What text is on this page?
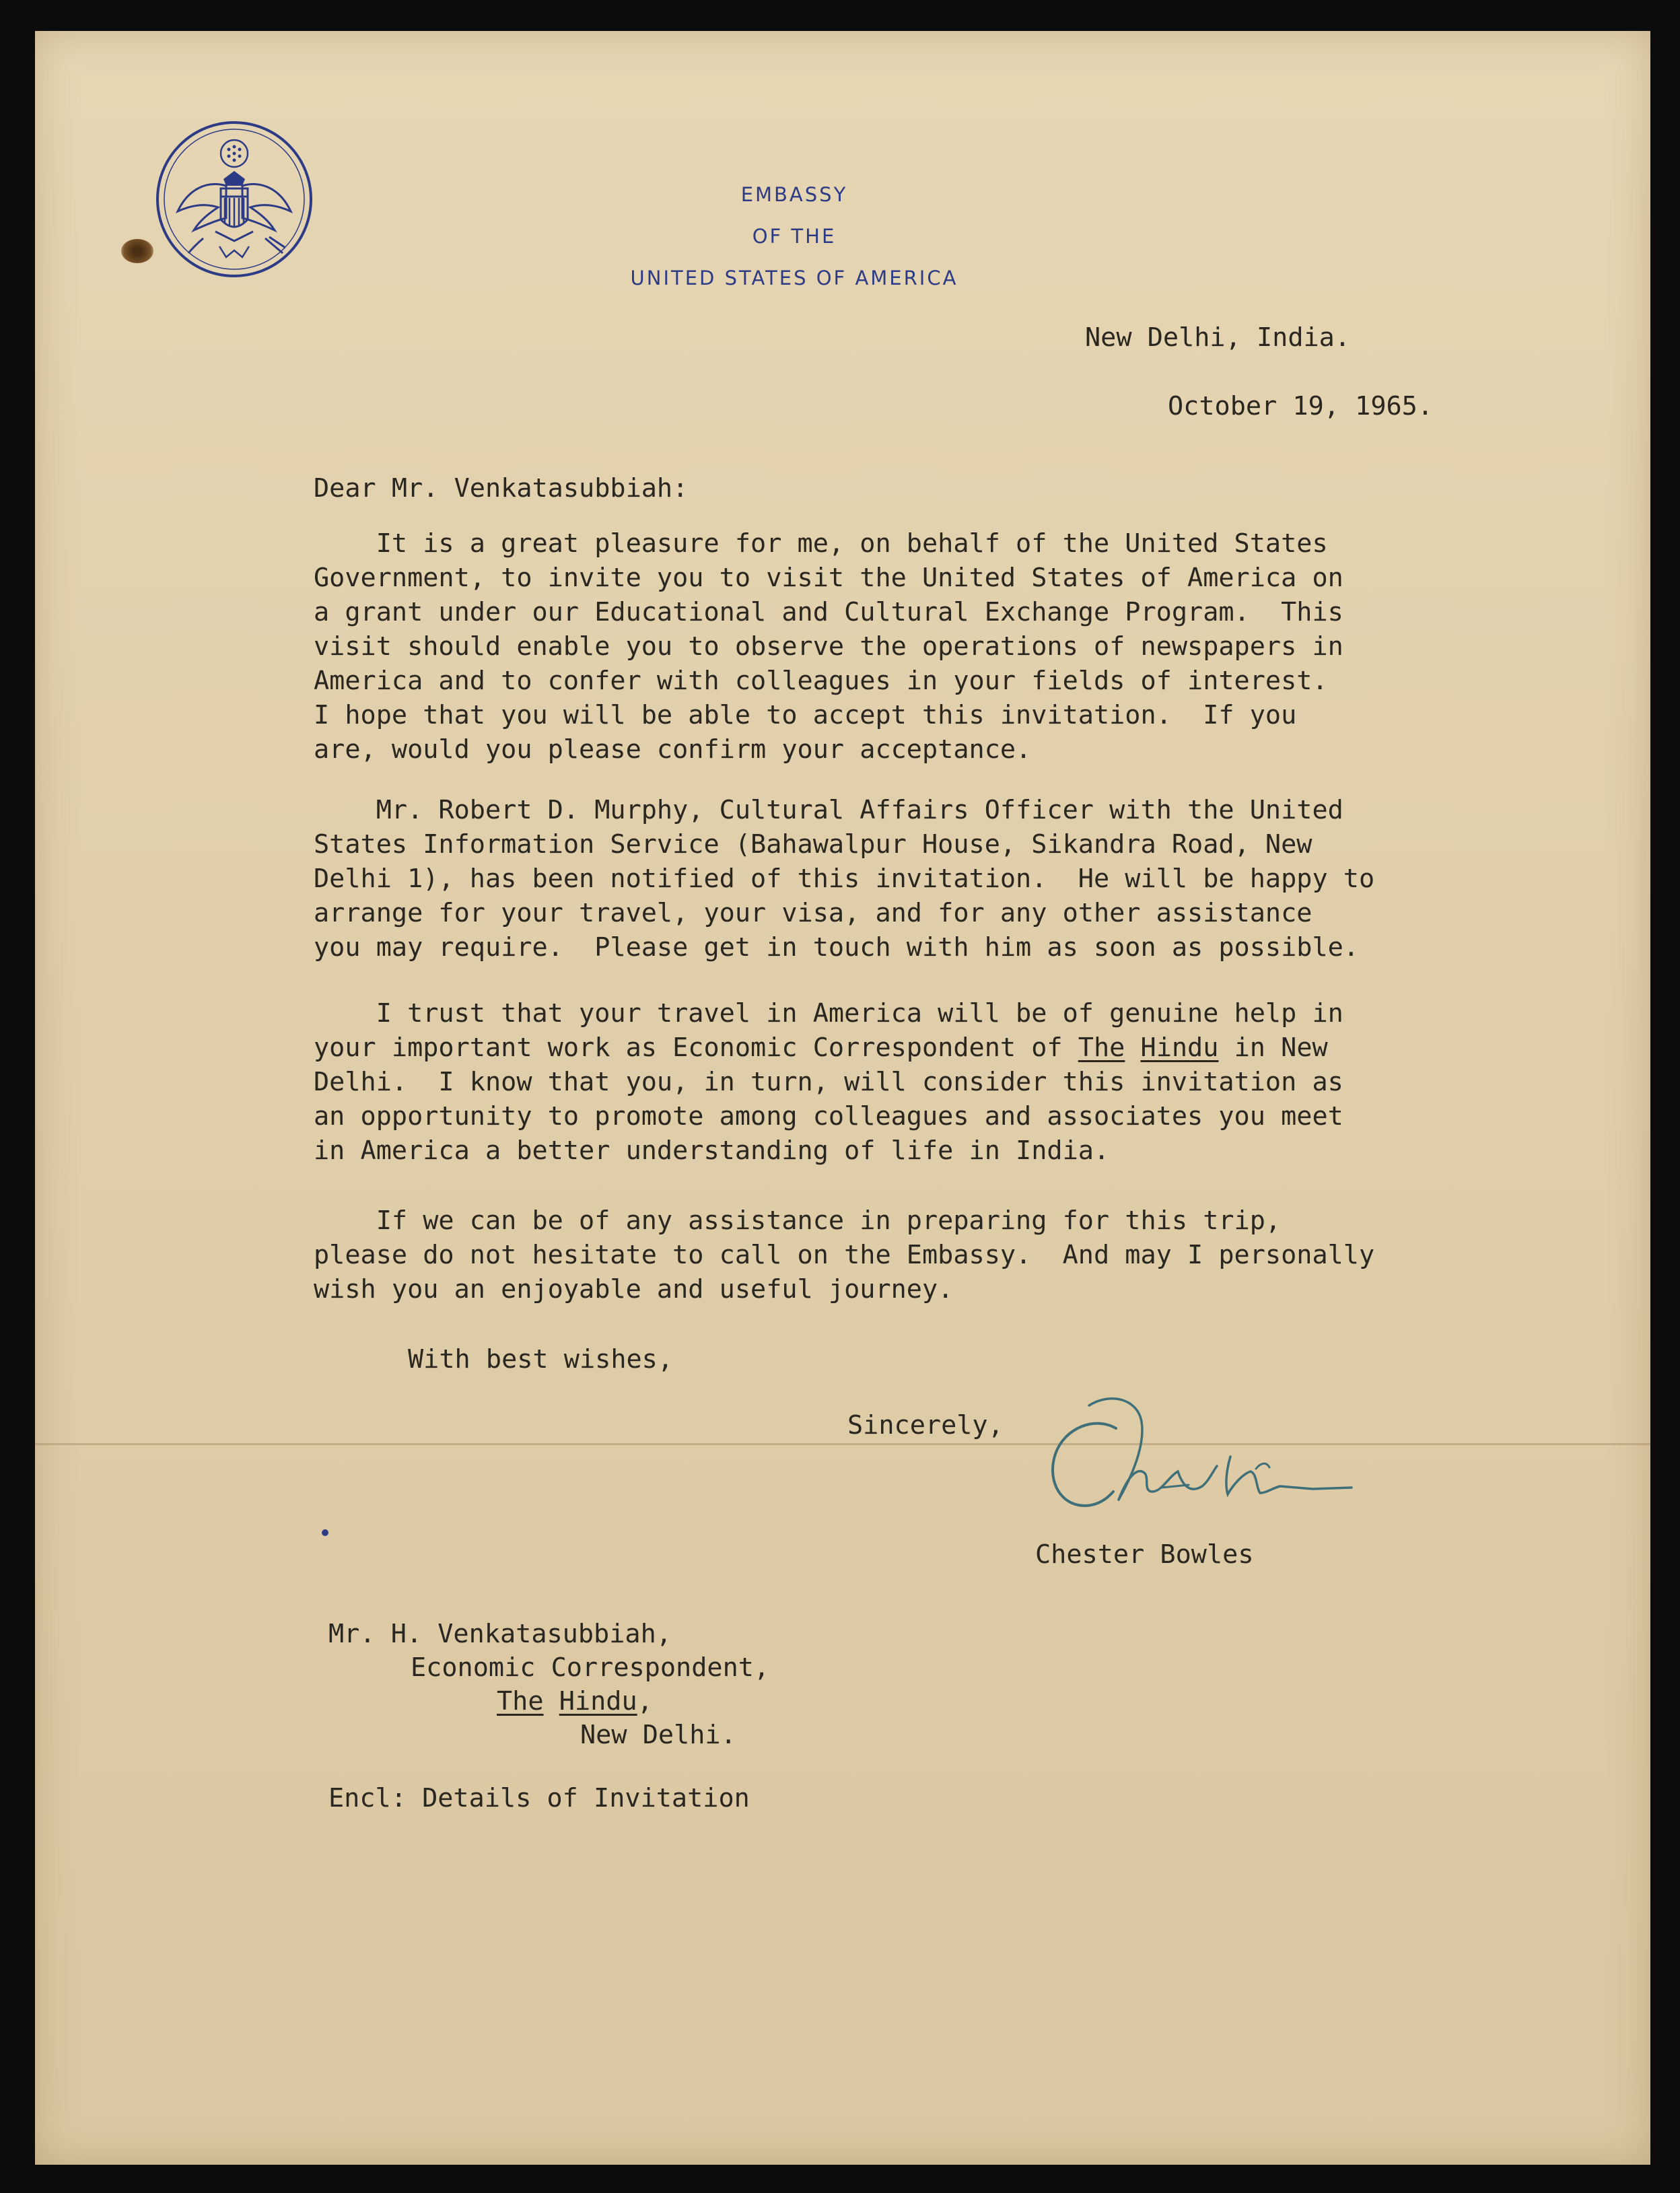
EMBASSY
OF THE
UNITED STATES OF AMERICA
New Delhi, India.
October 19, 1965.
Dear Mr. Venkatasubbiah:
It is a great pleasure for me, on behalf of the United States
Government, to invite you to visit the United States of America on
a grant under our Educational and Cultural Exchange Program.  This
visit should enable you to observe the operations of newspapers in
America and to confer with colleagues in your fields of interest.
I hope that you will be able to accept this invitation.  If you
are, would you please confirm your acceptance.
Mr. Robert D. Murphy, Cultural Affairs Officer with the United
States Information Service (Bahawalpur House, Sikandra Road, New
Delhi 1), has been notified of this invitation.  He will be happy to
arrange for your travel, your visa, and for any other assistance
you may require.  Please get in touch with him as soon as possible.
I trust that your travel in America will be of genuine help in
your important work as Economic Correspondent of The Hindu in New
Delhi.  I know that you, in turn, will consider this invitation as
an opportunity to promote among colleagues and associates you meet
in America a better understanding of life in India.
If we can be of any assistance in preparing for this trip,
please do not hesitate to call on the Embassy.  And may I personally
wish you an enjoyable and useful journey.
With best wishes,
Sincerely,
Chester Bowles
Mr. H. Venkatasubbiah,
Economic Correspondent,
The Hindu,
New Delhi.
Encl: Details of Invitation
